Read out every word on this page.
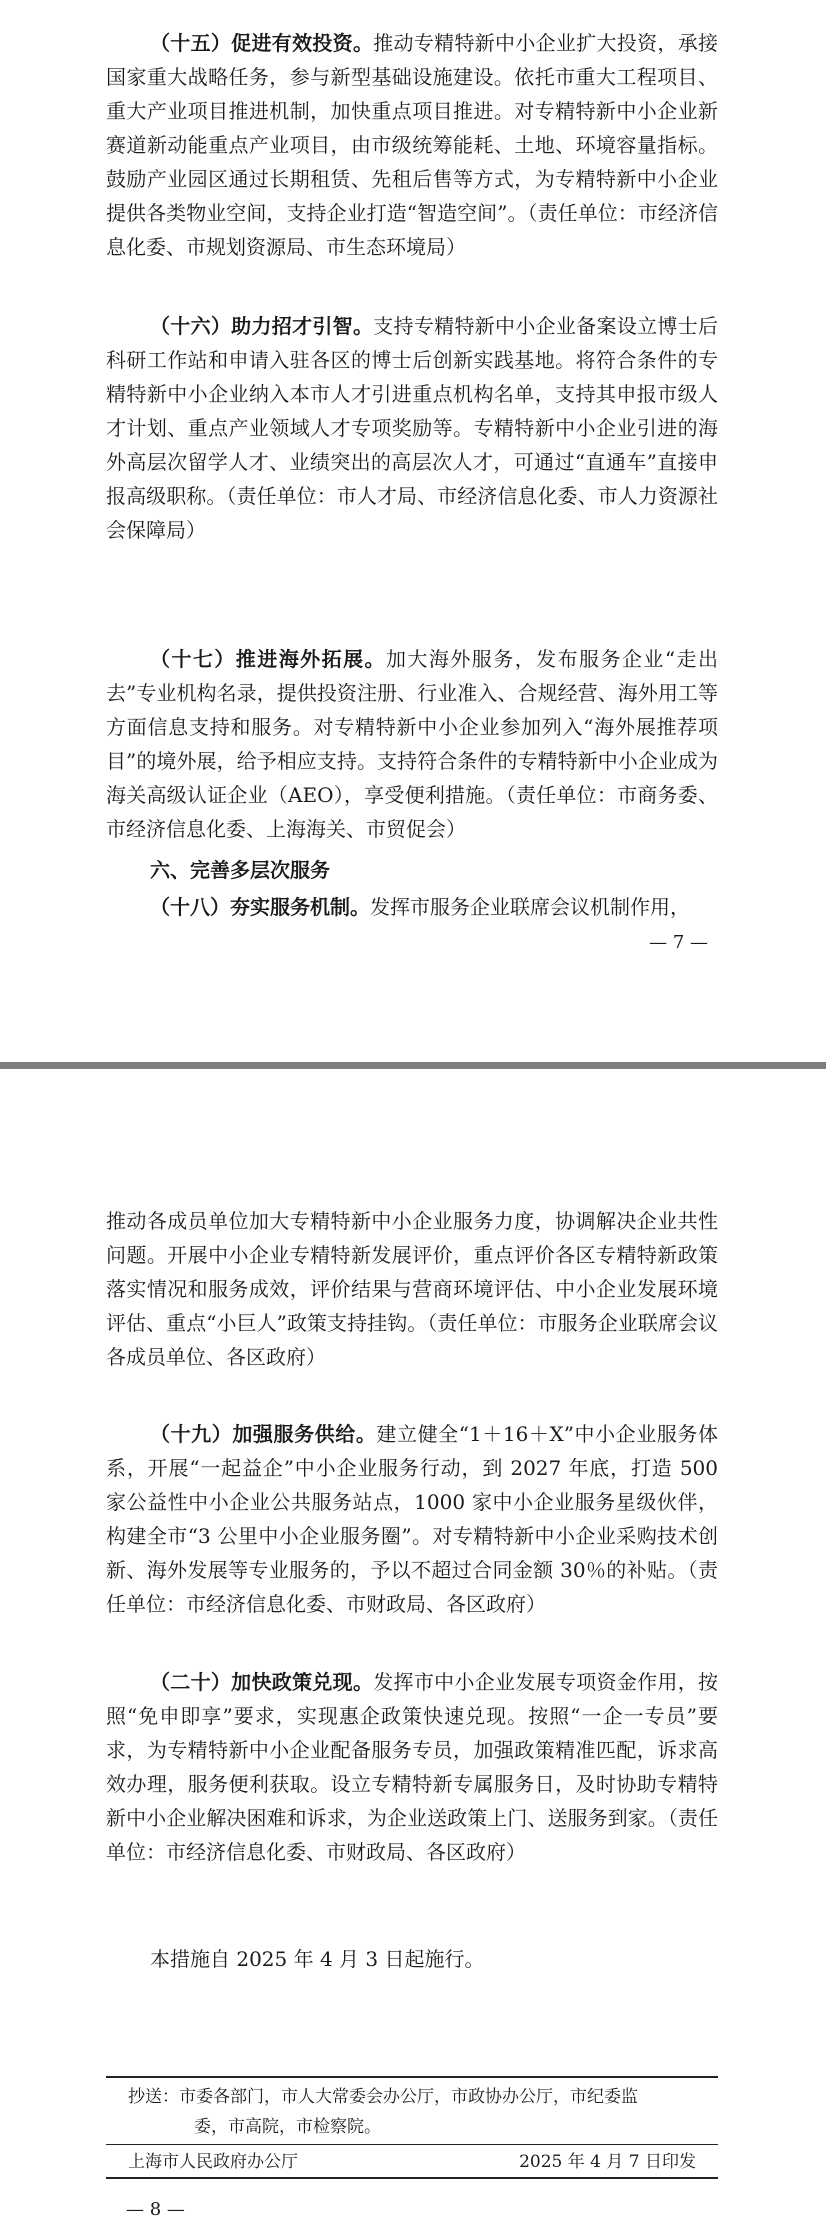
（十五）促进有效投资。推动专精特新中小企业扩大投资，承接国家重大战略任务，参与新型基础设施建设。依托市重大工程项目、重大产业项目推进机制，加快重点项目推进。对专精特新中小企业新赛道新动能重点产业项目，由市级统筹能耗、土地、环境容量指标。鼓励产业园区通过长期租赁、先租后售等方式，为专精特新中小企业提供各类物业空间，支持企业打造“智造空间”。（责任单位：市经济信息化委、市规划资源局、市生态环境局）

（十六）助力招才引智。支持专精特新中小企业备案设立博士后科研工作站和申请入驻各区的博士后创新实践基地。将符合条件的专精特新中小企业纳入本市人才引进重点机构名单，支持其申报市级人才计划、重点产业领域人才专项奖励等。专精特新中小企业引进的海外高层次留学人才、业绩突出的高层次人才，可通过“直通车”直接申报高级职称。（责任单位：市人才局、市经济信息化委、市人力资源社会保障局）

（十七）推进海外拓展。加大海外服务，发布服务企业“走出去”专业机构名录，提供投资注册、行业准入、合规经营、海外用工等方面信息支持和服务。对专精特新中小企业参加列入“海外展推荐项目”的境外展，给予相应支持。支持符合条件的专精特新中小企业成为海关高级认证企业（AEO），享受便利措施。（责任单位：市商务委、市经济信息化委、上海海关、市贸促会）

六、完善多层次服务

（十八）夯实服务机制。发挥市服务企业联席会议机制作用，

— 7 —

推动各成员单位加大专精特新中小企业服务力度，协调解决企业共性问题。开展中小企业专精特新发展评价，重点评价各区专精特新政策落实情况和服务成效，评价结果与营商环境评估、中小企业发展环境评估、重点“小巨人”政策支持挂钩。（责任单位：市服务企业联席会议各成员单位、各区政府）

（十九）加强服务供给。建立健全“1＋16＋X”中小企业服务体系，开展“一起益企”中小企业服务行动，到 2027 年底，打造 500 家公益性中小企业公共服务站点，1000 家中小企业服务星级伙伴，构建全市“3 公里中小企业服务圈”。对专精特新中小企业采购技术创新、海外发展等专业服务的，予以不超过合同金额 30％的补贴。（责任单位：市经济信息化委、市财政局、各区政府）

（二十）加快政策兑现。发挥市中小企业发展专项资金作用，按照“免申即享”要求，实现惠企政策快速兑现。按照“一企一专员”要求，为专精特新中小企业配备服务专员，加强政策精准匹配，诉求高效办理，服务便利获取。设立专精特新专属服务日，及时协助专精特新中小企业解决困难和诉求，为企业送政策上门、送服务到家。（责任单位：市经济信息化委、市财政局、各区政府）

本措施自 2025 年 4 月 3 日起施行。

抄送：市委各部门，市人大常委会办公厅，市政协办公厅，市纪委监
委，市高院，市检察院。
上海市人民政府办公厅	2025 年 4 月 7 日印发
— 8 —
